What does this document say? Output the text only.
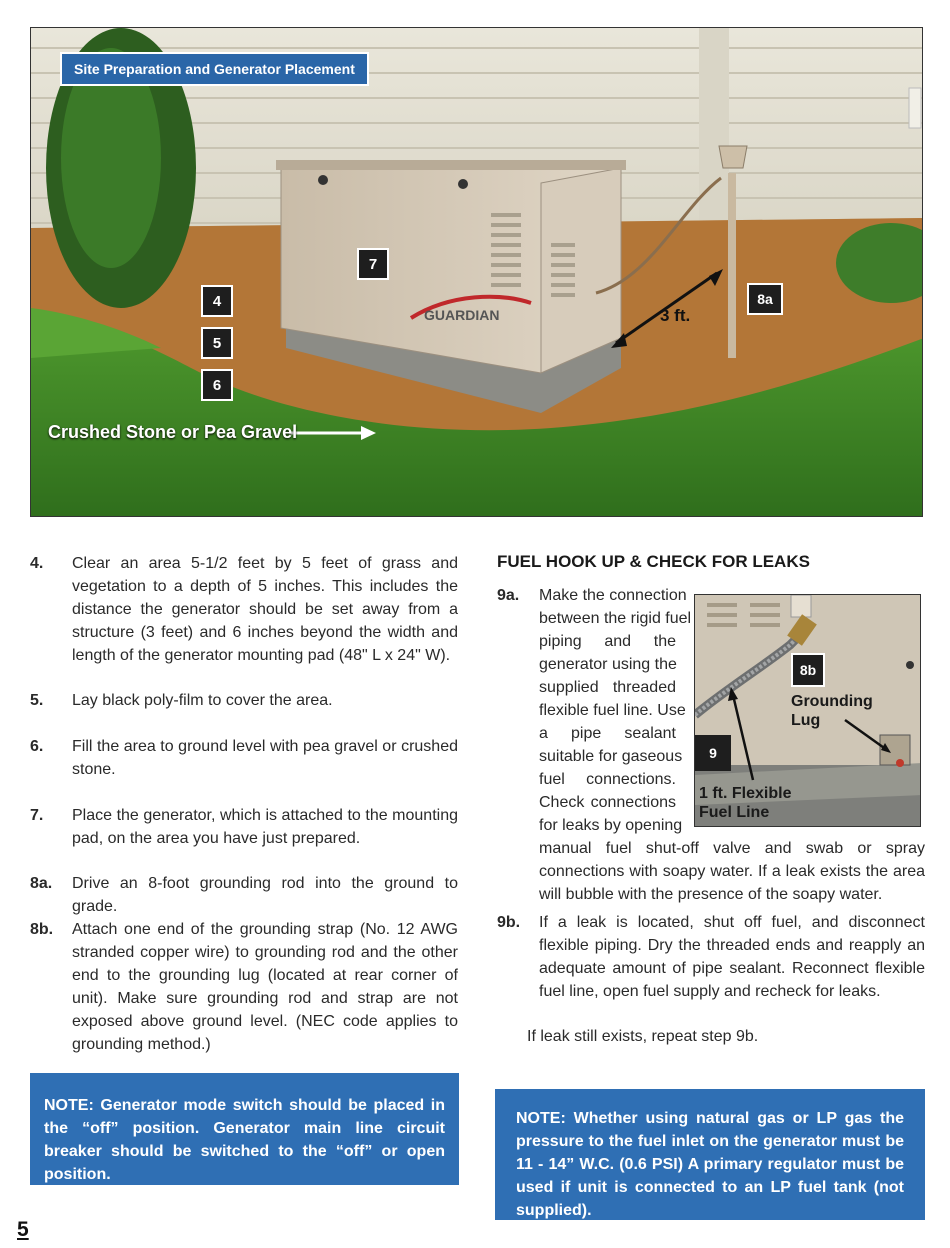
GUARDIAN
Site Preparation and Generator Placement
7
4
5
6
8a
Crushed Stone or Pea Gravel
3 ft.
4. Clear an area 5-1/2 feet by 5 feet of grass and vegetation to a depth of 5 inches. This includes the distance the generator should be set away from a structure (3 feet) and 6 inches beyond the width and length of the generator mounting pad (48" L x 24" W).
5. Lay black poly-film to cover the area.
6. Fill the area to ground level with pea gravel or crushed stone.
7. Place the generator, which is attached to the mounting pad, on the area you have just prepared.
8a. Drive an 8-foot grounding rod into the ground to grade.
8b. Attach one end of the grounding strap (No. 12 AWG stranded copper wire) to grounding rod and the other end to the grounding lug (located at rear corner of unit). Make sure grounding rod and strap are not exposed above ground level. (NEC code applies to grounding method.)
FUEL HOOK UP & CHECK FOR LEAKS
9a. Make the connection
between the rigid fuel
piping and the
generator using the
supplied threaded
flexible fuel line. Use
a pipe sealant
suitable for gaseous
fuel connections.
Check connections
for leaks by opening
manual fuel shut-off valve and swab or spray connections with soapy water. If a leak exists the area will bubble with the presence of the soapy water.
8b
Grounding Lug
9
1 ft. Flexible Fuel Line
9b. If a leak is located, shut off fuel, and disconnect flexible piping. Dry the threaded ends and reapply an adequate amount of pipe sealant. Reconnect flexible fuel line, open fuel supply and recheck for leaks.
If leak still exists, repeat step 9b.
NOTE: Generator mode switch should be placed in the “off” position. Generator main line circuit breaker should be switched to the “off” or open position.
NOTE: Whether using natural gas or LP gas the pressure to the fuel inlet on the generator must be 11 - 14” W.C. (0.6 PSI) A primary regulator must be used if unit is connected to an LP fuel tank (not supplied).
5
